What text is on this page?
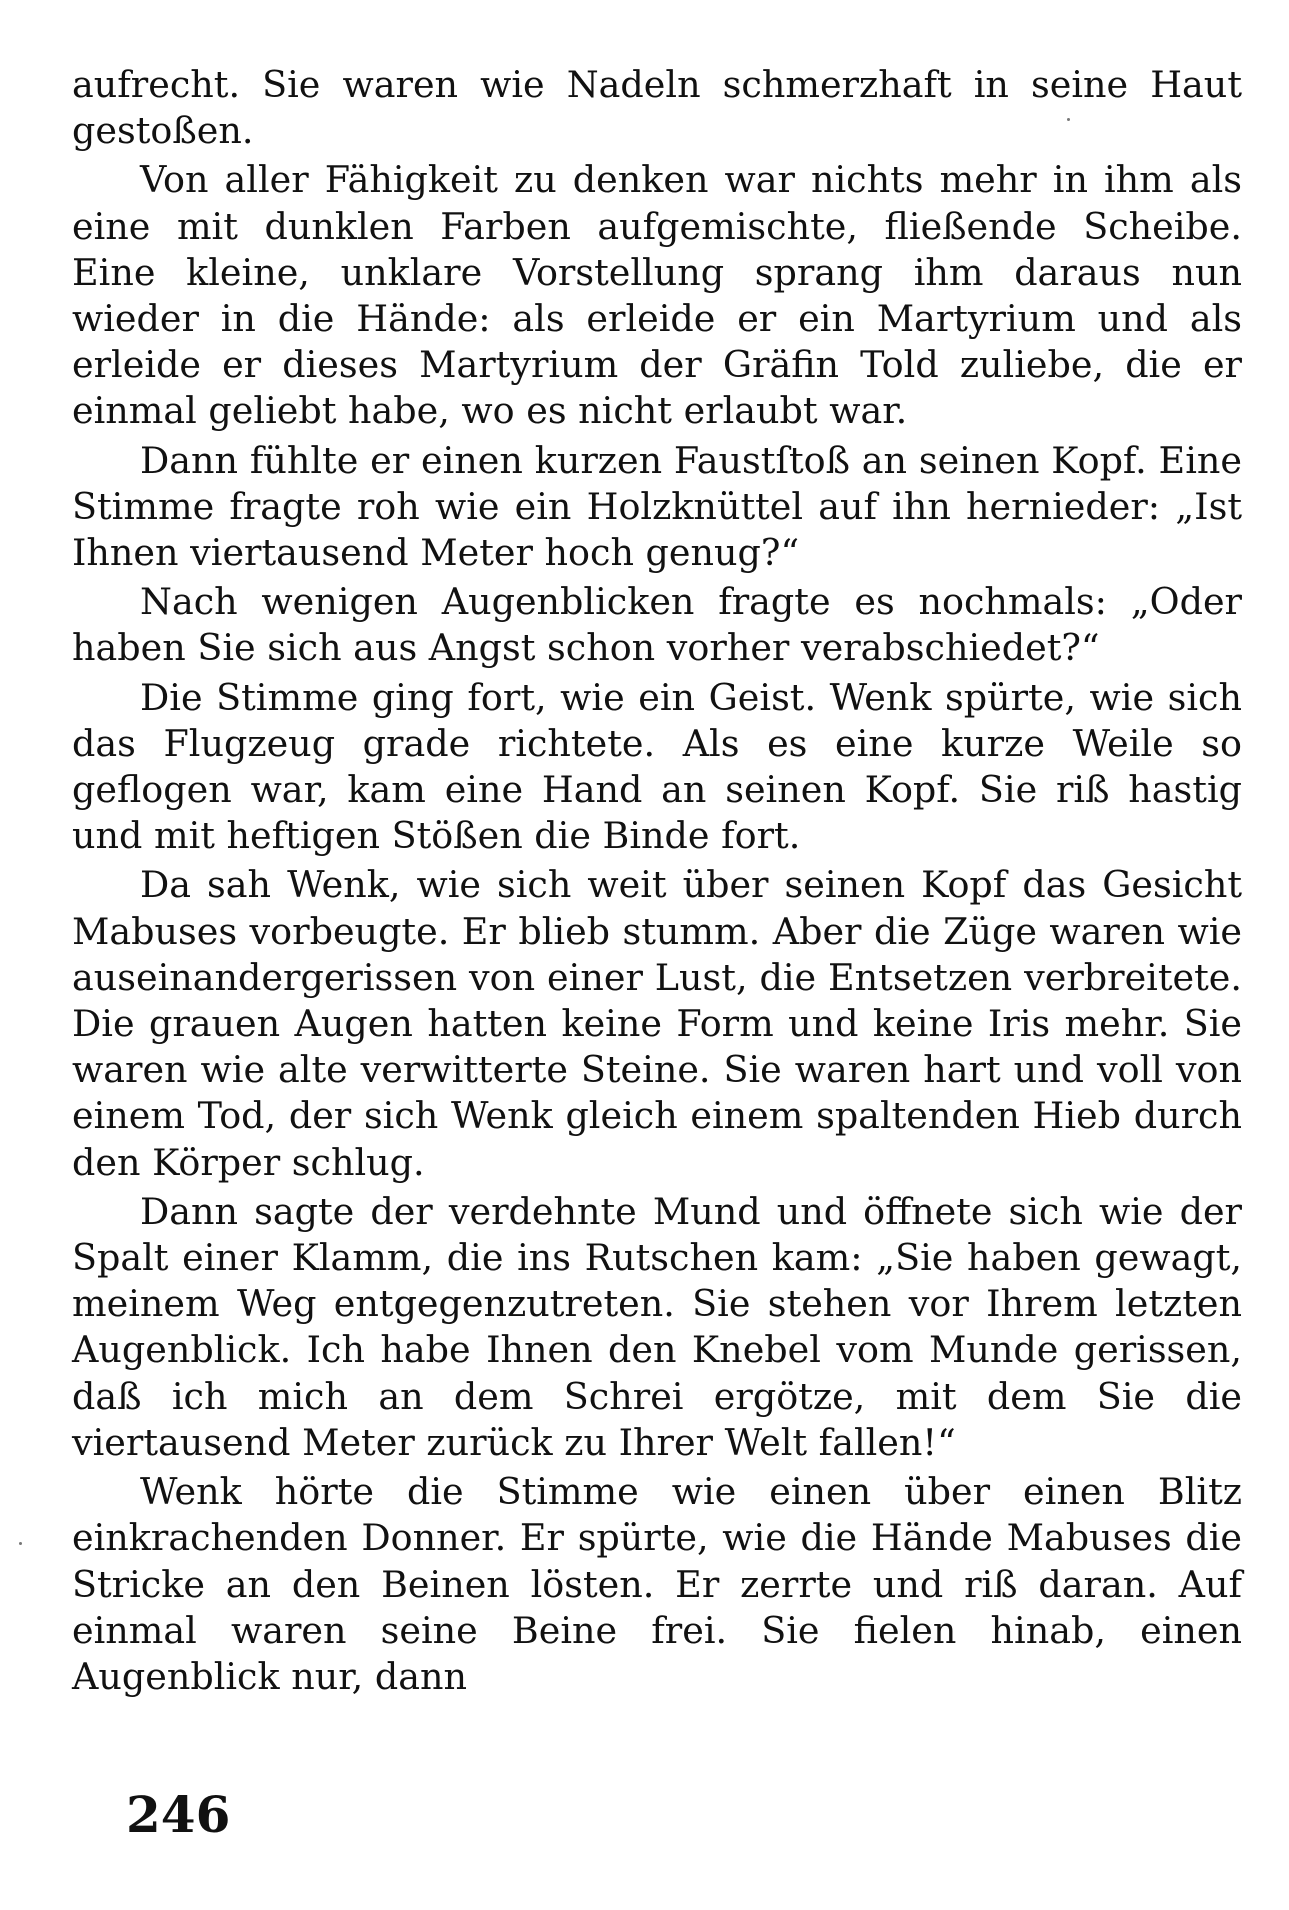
aufrecht. Sie waren wie Nadeln schmerzhaft in seine Haut gestoßen.

Von aller Fähigkeit zu denken war nichts mehr in ihm als eine mit dunklen Farben aufgemischte, fließende Scheibe. Eine kleine, unklare Vorstellung sprang ihm daraus nun wieder in die Hände: als erleide er ein Martyrium und als erleide er dieses Martyrium der Gräfin Told zuliebe, die er einmal geliebt habe, wo es nicht erlaubt war.

Dann fühlte er einen kurzen Faustſtoß an seinen Kopf. Eine Stimme fragte roh wie ein Holzknüttel auf ihn hernieder: „Ist Ihnen viertausend Meter hoch genug?“

Nach wenigen Augenblicken fragte es nochmals: „Oder haben Sie sich aus Angst schon vorher verabschiedet?“

Die Stimme ging fort, wie ein Geist. Wenk spürte, wie sich das Flugzeug grade richtete. Als es eine kurze Weile so geflogen war, kam eine Hand an seinen Kopf. Sie riß hastig und mit heftigen Stößen die Binde fort.

Da sah Wenk, wie sich weit über seinen Kopf das Gesicht Mabuses vorbeugte. Er blieb stumm. Aber die Züge waren wie auseinandergerissen von einer Lust, die Entsetzen verbreitete. Die grauen Augen hatten keine Form und keine Iris mehr. Sie waren wie alte verwitterte Steine. Sie waren hart und voll von einem Tod, der sich Wenk gleich einem spaltenden Hieb durch den Körper schlug.

Dann sagte der verdehnte Mund und öffnete sich wie der Spalt einer Klamm, die ins Rutschen kam: „Sie haben gewagt, meinem Weg entgegenzutreten. Sie stehen vor Ihrem letzten Augenblick. Ich habe Ihnen den Knebel vom Munde gerissen, daß ich mich an dem Schrei ergötze, mit dem Sie die viertausend Meter zurück zu Ihrer Welt fallen!“

Wenk hörte die Stimme wie einen über einen Blitz einkrachenden Donner. Er spürte, wie die Hände Mabuses die Stricke an den Beinen lösten. Er zerrte und riß daran. Auf einmal waren seine Beine frei. Sie fielen hinab, einen Augenblick nur, dann

246
